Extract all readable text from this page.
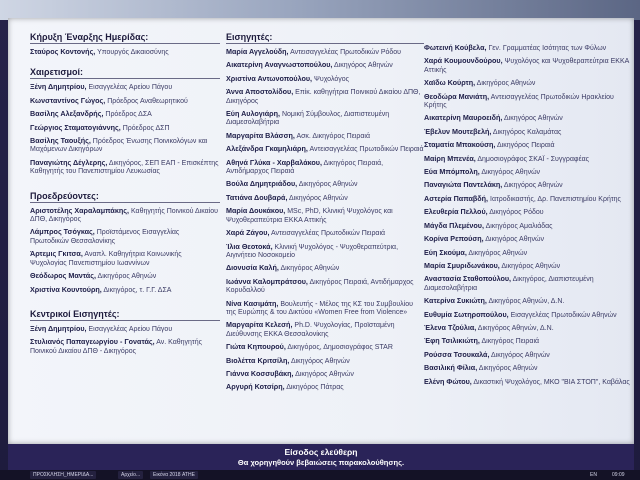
Κήρυξη Έναρξης Ημερίδας:
Σταύρος Κοντονής, Υπουργός Δικαιοσύνης
Χαιρετισμοί:
Ξένη Δημητρίου, Εισαγγελέας Αρείου Πάγου
Κωνσταντίνος Γώγος, Πρόεδρος Αναθεωρητικού
Βασίλης Αλεξανδρής, Πρόεδρος ΔΣΑ
Γεώργιος Σταματογιάννης, Πρόεδρος ΔΣΠ
Βασίλης Ταουξής, Πρόεδρος Ένωσης Ποινικολόγων και Μαχόμενων Δικηγόρων
Παναγιώτης Δέγλερης, Δικηγόρος, ΣΕΠ ΕΑΠ - Επισκέπτης Καθηγητής του Πανεπιστημίου Λευκωσίας
Προεδρεύοντες:
Αριστοτέλης Χαραλαμπάκης, Καθηγητής Ποινικού Δικαίου ΔΠΘ, Δικηγόρος
Λάμπρος Τσόγκας, Προϊστάμενος Εισαγγελίας Πρωτοδικών Θεσσαλονίκης
Άρτεμις Γκιτσα, Αναπλ. Καθηγήτρια Κοινωνικής Ψυχολογίας Πανεπιστημίου Ιωαννίνων
Θεόδωρος Μαντάς, Δικηγόρος Αθηνών
Χριστίνα Κουντούρη, Δικηγόρος, τ. Γ.Γ. ΔΣΑ
Κεντρικοί Εισηγητές:
Ξένη Δημητρίου, Εισαγγελέας Αρείου Πάγου
Στυλιανός Παπαγεωργίου - Γονατάς, Αν. Καθηγητής Ποινικού Δικαίου ΔΠΘ - Δικηγόρος
Εισηγητές:
Μαρία Αγγελούδη, Αντεισαγγελέας Πρωτοδικών Ρόδου
Αικατερίνη Αναγνωστοπούλου, Δικηγόρος Αθηνών
Χριστίνα Αντωνοπούλου, Ψυχολόγος
Άννα Αποστολίδου, Επίκ. καθηγήτρια Ποινικού Δικαίου ΔΠΘ, Δικηγόρος
Εύη Αυλογιάρη, Νομική Σύμβουλος, Διαπιστευμένη Διαμεσολαβήτρια
Μαργαρίτα Βλάσση, Ασκ. Δικηγόρος Πειραιά
Αλεξάνδρα Γκαμηλιάρη, Αντεισαγγελέας Πρωτοδικών Πειραιά
Αθηνά Γλύκα - Χαρβαλάκου, Δικηγόρος Πειραιά, Αντιδήμαρχος Πειραιά
Βούλα Δημητριάδου, Δικηγόρος Αθηνών
Τατιάνα Δουβαρά, Δικηγόρος Αθηνών
Μαρία Δουκάκου, MSc, PhD, Κλινική Ψυχολόγος και Ψυχοθεραπεύτρια ΕΚΚΑ Αττικής
Χαρά Ζάγου, Αντεισαγγελέας Πρωτοδικών Πειραιά
Ίλια Θεοτοκά, Κλινική Ψυχολόγος - Ψυχοθεραπεύτρια, Αιγινήτειο Νοσοκομείο
Διονυσία Καλή, Δικηγόρος Αθηνών
Ιωάννα Καλομπράτσου, Δικηγόρος Πειραιά, Αντιδήμαρχος Κορυδαλλού
Νίνα Κασιμάτη, Βουλευτής - Μέλος της ΚΣ του Συμβουλίου της Ευρώπης & του Δικτύου «Women Free from Violence»
Μαργαρίτα Κελεσή, Ph.D. Ψυχολογίας, Προϊσταμένη Διεύθυνσης ΕΚΚΑ Θεσσαλονίκης
Γιώτα Κηπουρού, Δικηγόρος, Δημοσιογράφος STAR
Βιολέττα Κριτσίλη, Δικηγόρος Αθηνών
Γιάννα Κοσσυβάκη, Δικηγόρος Αθηνών
Αργυρή Κοτσίρη, Δικηγόρος Πάτρας
Φωτεινή Κούβελα, Γεν. Γραμματέας Ισότητας των Φύλων
Χαρά Κουμουνδούρου, Ψυχολόγος και Ψυχοθεραπεύτρια ΕΚΚΑ Αττικής
Χαϊδω Κούρτη, Δικηγόρος Αθηνών
Θεοδώρα Μανιάτη, Αντεισαγγελέας Πρωτοδικών Ηρακλείου Κρήτης
Αικατερίνη Μαυροειδή, Δικηγόρος Αθηνών
Έβελυν Μουτεβελή, Δικηγόρος Καλαμάτας
Σταματία Μπακούση, Δικηγόρος Πειραιά
Μαίρη Μπενέα, Δημοσιογράφος ΣΚΑΪ - Συγγραφέας
Εύα Μπόμπολη, Δικηγόρος Αθηνών
Παναγιώτα Παντελάκη, Δικηγόρος Αθηνών
Αστερία Παπαβδή, Ιατροδικαστής, Δρ. Πανεπιστημίου Κρήτης
Ελευθερία Πελλού, Δικηγόρος Ρόδου
Μάγδα Πλεμένου, Δικηγόρος Αμαλιάδας
Κορίνα Ρεπούση, Δικηγόρος Αθηνών
Εύη Σκούμα, Δικηγόρος Αθηνών
Μαρία Σμυριδωνάκου, Δικηγόρος Αθηνών
Αναστασία Σταθοπούλου, Δικηγόρος, Διαπιστευμένη Διαμεσολαβήτρια
Κατερίνα Συκιώτη, Δικηγόρος Αθηνών, Δ.Ν.
Ευθυμία Σωτηροπούλου, Εισαγγελέας Πρωτοδικών Αθηνών
Έλενα Τζούλια, Δικηγόρος Αθηνών, Δ.Ν.
Έφη Τσιλικιώτη, Δικηγόρος Πειραιά
Ρούσσα Τσουκαλά, Δικηγόρος Αθηνών
Βασιλική Φίλια, Δικηγόρος Αθηνών
Ελένη Φώτου, Δικαστική Ψυχολόγος, ΜΚΟ "ΒΙΑ ΣΤΟΠ", Καβάλας
Είσοδος ελεύθερη
Θα χορηγηθούν βεβαιώσεις παρακολούθησης.
ΠΡΟΣΚΛΗΣΗ_ΗΜΕΡΙΔΑ...	Αρχείο...	Εικόνα 2018 ATHE	EN	09:09
